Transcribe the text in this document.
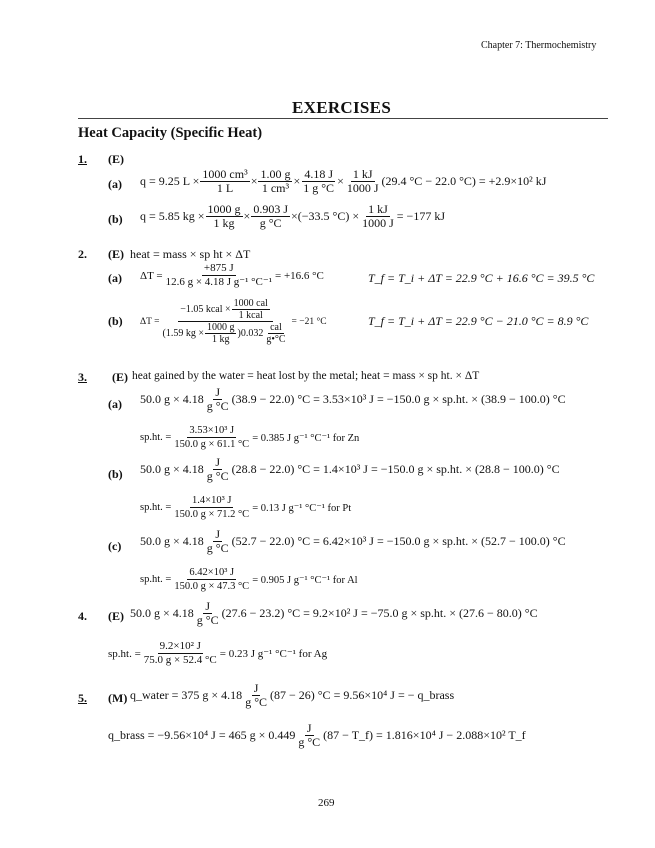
Chapter 7: Thermochemistry
EXERCISES
Heat Capacity (Specific Heat)
1. (E)
(a) q = 9.25 $L \times \frac{\text{1000 cm³}}{1 L} \times \frac{1.00 g}{\text{1 cm³}} \times \frac{4.18 J}{1 g ^\circ C} \times \frac{1 kJ}{1000 J} (29.4$ °C − 22.0 °C) = +2.9×10² kJ
(b) q = 5.85 kg × $\frac{1000 g}{1 kg} \times \frac{0.903 J}{g ^\circ C} \times(-33.5$ $^\circ C) \times \frac{1 kJ}{1000 J} = -177$ kJ
2. (E) heat = mass × sp ht × ΔT
(a) $\Delta T = \frac{+875 J}{\text{12.6 g × 4.18 J g⁻¹ °C⁻¹}} = +16.6$ °C	T_f = T_i + ΔT = 22.9 °C + 16.6 °C = 39.5 °C
(b) $\Delta T = \frac{-1.05 kcal \times \frac{\text{1000 cal}}{\text{1 kcal}}}{( 1.59 kg \times \frac{1000 g}{1 kg} ) 0.032 \frac{\text{cal}}{g•^\circ C}} = -21$ °C	T_f = T_i + ΔT = 22.9 °C − 21.0 °C = 8.9 °C
3. (E) heat gained by the water = heat lost by the metal; heat = mass × sp ht. × ΔT
(a) 50.0 $g \times 4.18 \frac{J}{g ^\circ C} (38.9 - 22.0) ^\circ C = 3.53\times 10^3$ J = −150.0 g × sp.ht. × (38.9 − 100.0) °C
sp.ht. = $\frac{\text{3.53×10³ J}}{150.0 g \times 61.1 ^\circ C} = 0.385$ J g⁻¹ °C⁻¹ for Zn
(b) 50.0 $g \times 4.18 \frac{J}{g ^\circ C} (28.8 - 22.0) ^\circ C = 1.4\times 10^3$ J = −150.0 g × sp.ht. × (28.8 − 100.0) °C
sp.ht. = $\frac{\text{1.4×10³ J}}{150.0 g \times 71.2 ^\circ C} = 0.13$ J g⁻¹ °C⁻¹ for Pt
(c) 50.0 $g \times 4.18 \frac{J}{g ^\circ C} (52.7 - 22.0) ^\circ C = 6.42\times 10^3$ J = −150.0 g × sp.ht. × (52.7 − 100.0) °C
sp.ht. = $\frac{\text{6.42×10³ J}}{150.0 g \times 47.3 ^\circ C} = 0.905$ J g⁻¹ °C⁻¹ for Al
4. (E) 50.0 $g \times 4.18 \frac{J}{g ^\circ C} (27.6 - 23.2) ^\circ C = 9.2\times 10^2$ J = −75.0 g × sp.ht. × (27.6 − 80.0) °C
sp.ht. = $\frac{\text{9.2×10² J}}{75.0 g \times 52.4 ^\circ C} = 0.23$ J g⁻¹ °C⁻¹ for Ag
5. (M) q_water = 375 $g \times 4.18 \frac{J}{g ^\circ C} (87 - 26) ^\circ C = 9.56\times 10^4$ J = − q_brass
q_brass = −9.56×10⁴ J = 465 $g \times 0.449 \frac{J}{g ^\circ C} (87$ − T_f) = 1.816×10⁴ J − 2.088×10² T_f
269
